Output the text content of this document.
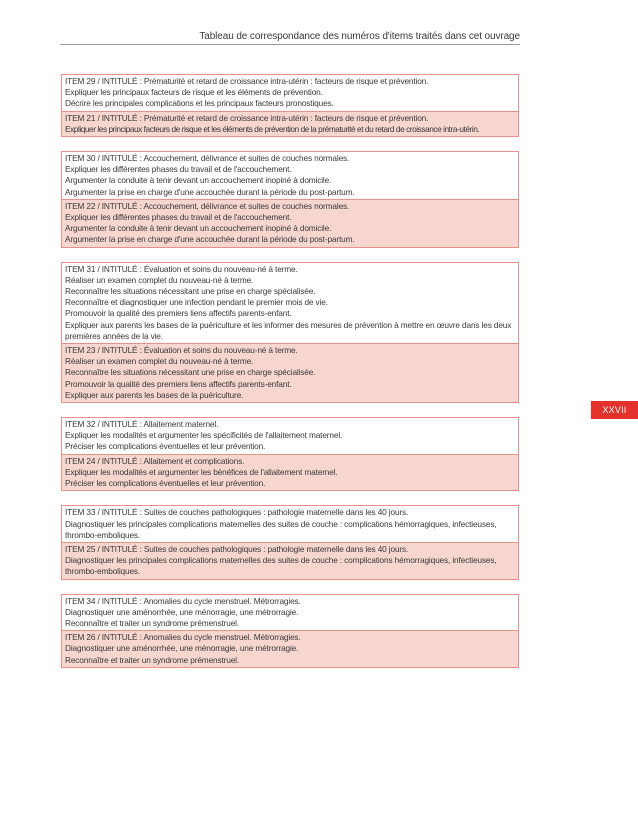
Tableau de correspondance des numéros d'items traités dans cet ouvrage
ITEM 29 / INTITULÉ : Prématurité et retard de croissance intra-utérin : facteurs de risque et prévention.
Expliquer les principaux facteurs de risque et les éléments de prévention.
Décrire les principales complications et les principaux facteurs pronostiques.
ITEM 21 / INTITULÉ : Prématurité et retard de croissance intra-utérin : facteurs de risque et prévention.
Expliquer les principaux facteurs de risque et les éléments de prévention de la prématurité et du retard de croissance intra-utérin.
ITEM 30 / INTITULÉ : Accouchement, délivrance et suites de couches normales.
Expliquer les différentes phases du travail et de l'accouchement.
Argumenter la conduite à tenir devant un accouchement inopiné à domicile.
Argumenter la prise en charge d'une accouchée durant la période du post-partum.
ITEM 22 / INTITULÉ : Accouchement, délivrance et suites de couches normales.
Expliquer les différentes phases du travail et de l'accouchement.
Argumenter la conduite à tenir devant un accouchement inopiné à domicile.
Argumenter la prise en charge d'une accouchée durant la période du post-partum.
ITEM 31 / INTITULÉ : Évaluation et soins du nouveau-né à terme.
Réaliser un examen complet du nouveau-né à terme.
Reconnaître les situations nécessitant une prise en charge spécialisée.
Reconnaître et diagnostiquer une infection pendant le premier mois de vie.
Promouvoir la qualité des premiers liens affectifs parents-enfant.
Expliquer aux parents les bases de la puériculture et les informer des mesures de prévention à mettre en œuvre dans les deux premières années de la vie.
ITEM 23 / INTITULÉ : Évaluation et soins du nouveau-né à terme.
Réaliser un examen complet du nouveau-né à terme.
Reconnaître les situations nécessitant une prise en charge spécialisée.
Promouvoir la qualité des premiers liens affectifs parents-enfant.
Expliquer aux parents les bases de la puériculture.
ITEM 32 / INTITULÉ : Allaitement maternel.
Expliquer les modalités et argumenter les spécificités de l'allaitement maternel.
Préciser les complications éventuelles et leur prévention.
ITEM 24 / INTITULÉ : Allaitement et complications.
Expliquer les modalités et argumenter les bénéfices de l'allaitement maternel.
Préciser les complications éventuelles et leur prévention.
ITEM 33 / INTITULÉ : Suites de couches pathologiques : pathologie maternelle dans les 40 jours.
Diagnostiquer les principales complications maternelles des suites de couche : complications hémorragiques, infectieuses, thrombo-emboliques.
ITEM 25 / INTITULÉ : Suites de couches pathologiques : pathologie maternelle dans les 40 jours.
Diagnostiquer les principales complications maternelles des suites de couche : complications hémorragiques, infectieuses, thrombo-emboliques.
ITEM 34 / INTITULÉ : Anomalies du cycle menstruel. Métrorragies.
Diagnostiquer une aménorrhée, une ménorragie, une métrorragie.
Reconnaître et traiter un syndrome prémenstruel.
ITEM 26 / INTITULÉ : Anomalies du cycle menstruel. Métrorragies.
Diagnostiquer une aménorrhée, une ménorragie, une métrorragie.
Reconnaître et traiter un syndrome prémenstruel.
XXVII
